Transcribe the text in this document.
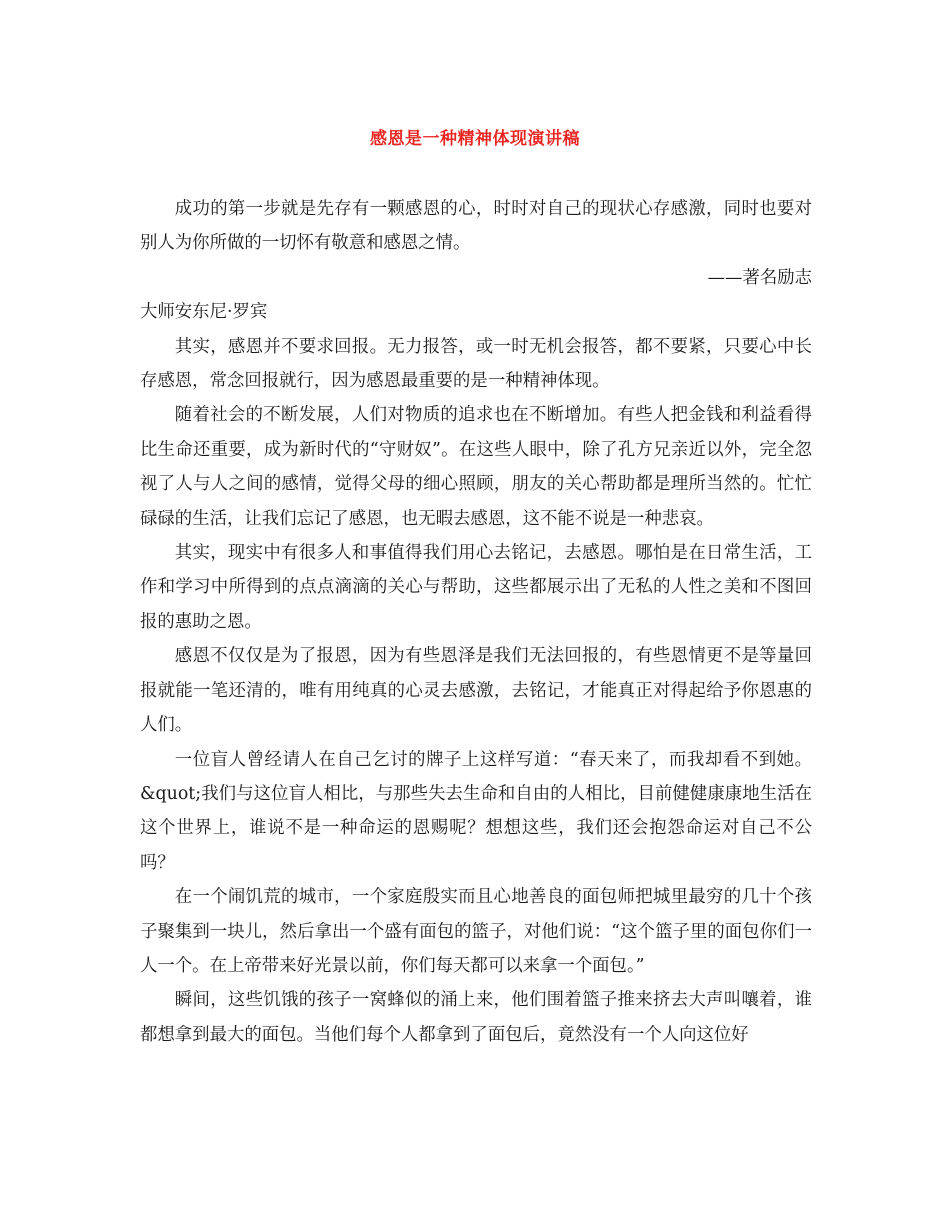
感恩是一种精神体现演讲稿

成功的第一步就是先存有一颗感恩的心，时时对自己的现状心存感激，同时也要对别人为你所做的一切怀有敬意和感恩之情。

——著名励志

大师安东尼·罗宾

其实，感恩并不要求回报。无力报答，或一时无机会报答，都不要紧，只要心中长存感恩，常念回报就行，因为感恩最重要的是一种精神体现。

随着社会的不断发展，人们对物质的追求也在不断增加。有些人把金钱和利益看得比生命还重要，成为新时代的“守财奴”。在这些人眼中，除了孔方兄亲近以外，完全忽视了人与人之间的感情，觉得父母的细心照顾，朋友的关心帮助都是理所当然的。忙忙碌碌的生活，让我们忘记了感恩，也无暇去感恩，这不能不说是一种悲哀。

其实，现实中有很多人和事值得我们用心去铭记，去感恩。哪怕是在日常生活，工作和学习中所得到的点点滴滴的关心与帮助，这些都展示出了无私的人性之美和不图回报的惠助之恩。

感恩不仅仅是为了报恩，因为有些恩泽是我们无法回报的，有些恩情更不是等量回报就能一笔还清的，唯有用纯真的心灵去感激，去铭记，才能真正对得起给予你恩惠的人们。

一位盲人曾经请人在自己乞讨的牌子上这样写道：“春天来了，而我却看不到她。&quot;我们与这位盲人相比，与那些失去生命和自由的人相比，目前健健康康地生活在这个世界上，谁说不是一种命运的恩赐呢？想想这些，我们还会抱怨命运对自己不公吗？

在一个闹饥荒的城市，一个家庭殷实而且心地善良的面包师把城里最穷的几十个孩子聚集到一块儿，然后拿出一个盛有面包的篮子，对他们说：“这个篮子里的面包你们一人一个。在上帝带来好光景以前，你们每天都可以来拿一个面包。”

瞬间，这些饥饿的孩子一窝蜂似的涌上来，他们围着篮子推来挤去大声叫嚷着，谁都想拿到最大的面包。当他们每个人都拿到了面包后，竟然没有一个人向这位好
